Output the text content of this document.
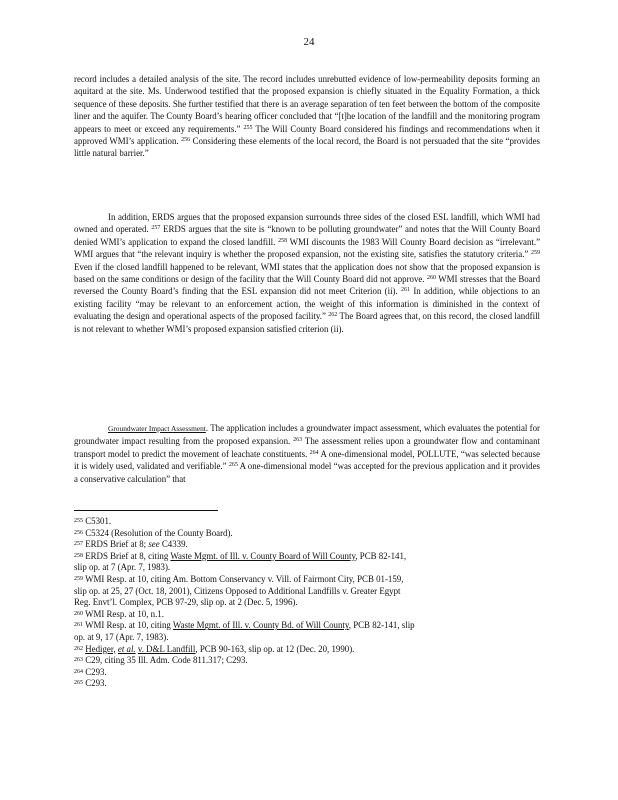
24
record includes a detailed analysis of the site. The record includes unrebutted evidence of low-permeability deposits forming an aquitard at the site. Ms. Underwood testified that the proposed expansion is chiefly situated in the Equality Formation, a thick sequence of these deposits. She further testified that there is an average separation of ten feet between the bottom of the composite liner and the aquifer. The County Board’s hearing officer concluded that “[t]he location of the landfill and the monitoring program appears to meet or exceed any requirements.” $^{255}$ The Will County Board considered his findings and recommendations when it approved WMI’s application. $^{256}$ Considering these elements of the local record, the Board is not persuaded that the site “provides little natural barrier.”
In addition, ERDS argues that the proposed expansion surrounds three sides of the closed ESL landfill, which WMI had owned and operated. $^{257}$ ERDS argues that the site is “known to be polluting groundwater” and notes that the Will County Board denied WMI’s application to expand the closed landfill. $^{258}$ WMI discounts the 1983 Will County Board decision as “irrelevant.” WMI argues that “the relevant inquiry is whether the proposed expansion, not the existing site, satisfies the statutory criteria.” $^{259}$ Even if the closed landfill happened to be relevant, WMI states that the application does not show that the proposed expansion is based on the same conditions or design of the facility that the Will County Board did not approve. $^{260}$ WMI stresses that the Board reversed the County Board’s finding that the ESL expansion did not meet Criterion (ii). $^{261}$ In addition, while objections to an existing facility “may be relevant to an enforcement action, the weight of this information is diminished in the context of evaluating the design and operational aspects of the proposed facility.” $^{262}$ The Board agrees that, on this record, the closed landfill is not relevant to whether WMI’s proposed expansion satisfied criterion (ii).
Groundwater Impact Assessment. The application includes a groundwater impact assessment, which evaluates the potential for groundwater impact resulting from the proposed expansion. $^{263}$ The assessment relies upon a groundwater flow and contaminant transport model to predict the movement of leachate constituents. $^{264}$ A one-dimensional model, POLLUTE, “was selected because it is widely used, validated and verifiable.” $^{265}$ A one-dimensional model “was accepted for the previous application and it provides a conservative calculation” that

$^{255}$ C5301.

$^{256}$ C5324 (Resolution of the County Board).

$^{257}$ ERDS Brief at 8; see C4339.

$^{258}$ ERDS Brief at 8, citing Waste Mgmt. of Ill. v. County Board of Will County, PCB 82-141,
slip op. at 7 (Apr. 7, 1983).

$^{259}$ WMI Resp. at 10, citing Am. Bottom Conservancy v. Vill. of Fairmont City, PCB 01-159,
slip op. at 25, 27 (Oct. 18, 2001), Citizens Opposed to Additional Landfills v. Greater Egypt
Reg. Envt’l. Complex, PCB 97-29, slip op. at 2 (Dec. 5, 1996).

$^{260}$ WMI Resp. at 10, n.1.

$^{261}$ WMI Resp. at 10, citing Waste Mgmt. of Ill. v. County Bd. of Will County, PCB 82-141, slip
op. at 9, 17 (Apr. 7, 1983).

$^{262}$ Hediger, et al. v. D&L Landfill, PCB 90-163, slip op. at 12 (Dec. 20, 1990).

$^{263}$ C29, citing 35 Ill. Adm. Code 811.317; C293.

$^{264}$ C293.

$^{265}$ C293.
